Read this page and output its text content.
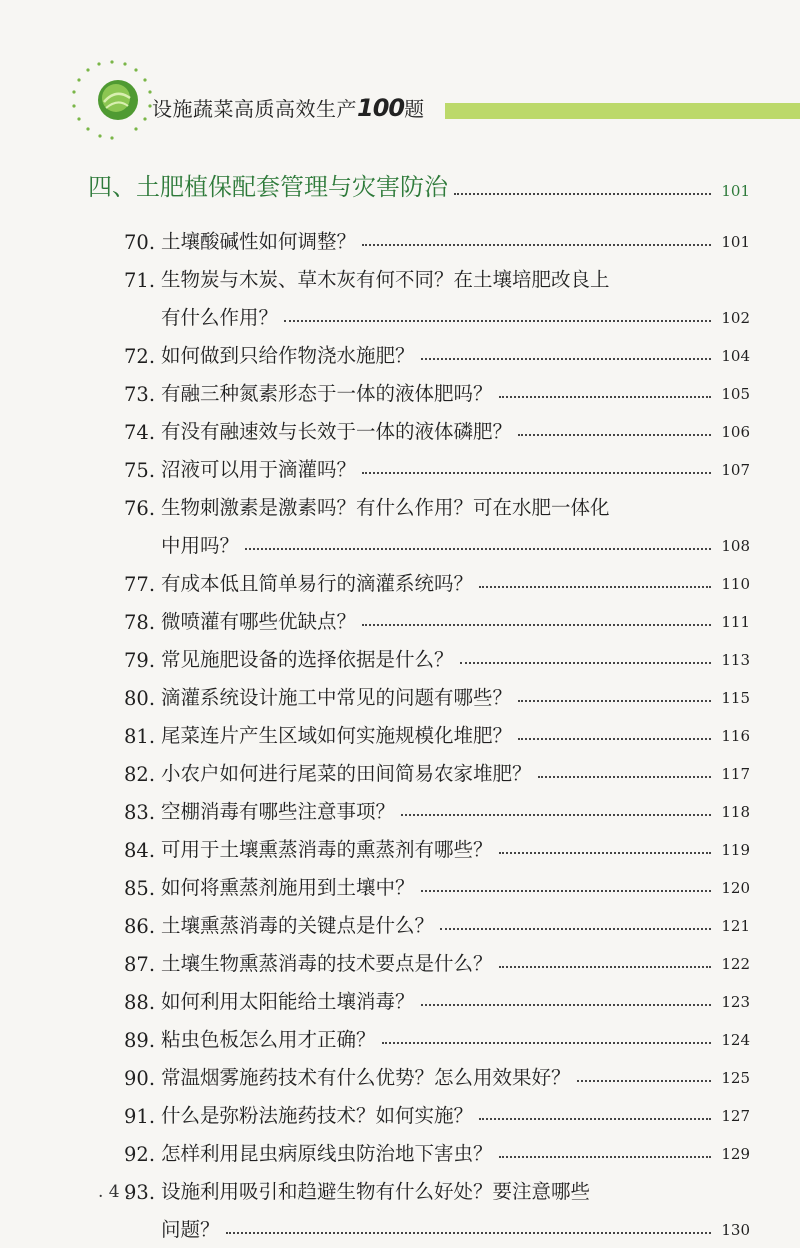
设施蔬菜高质高效生产100题
四、土肥植保配套管理与灾害防治	101
70. 土壤酸碱性如何调整？	101
71. 生物炭与木炭、草木灰有何不同？在土壤培肥改良上
有什么作用？	102
72. 如何做到只给作物浇水施肥？	104
73. 有融三种氮素形态于一体的液体肥吗？	105
74. 有没有融速效与长效于一体的液体磷肥？	106
75. 沼液可以用于滴灌吗？	107
76. 生物刺激素是激素吗？有什么作用？可在水肥一体化
中用吗？	108
77. 有成本低且简单易行的滴灌系统吗？	110
78. 微喷灌有哪些优缺点？	111
79. 常见施肥设备的选择依据是什么？	113
80. 滴灌系统设计施工中常见的问题有哪些？	115
81. 尾菜连片产生区域如何实施规模化堆肥？	116
82. 小农户如何进行尾菜的田间简易农家堆肥？	117
83. 空棚消毒有哪些注意事项？	118
84. 可用于土壤熏蒸消毒的熏蒸剂有哪些？	119
85. 如何将熏蒸剂施用到土壤中？	120
86. 土壤熏蒸消毒的关键点是什么？	121
87. 土壤生物熏蒸消毒的技术要点是什么？	122
88. 如何利用太阳能给土壤消毒？	123
89. 粘虫色板怎么用才正确？	124
90. 常温烟雾施药技术有什么优势？怎么用效果好？	125
91. 什么是弥粉法施药技术？如何实施？	127
92. 怎样利用昆虫病原线虫防治地下害虫？	129
93. 设施利用吸引和趋避生物有什么好处？要注意哪些
问题？	130
. 4 .
